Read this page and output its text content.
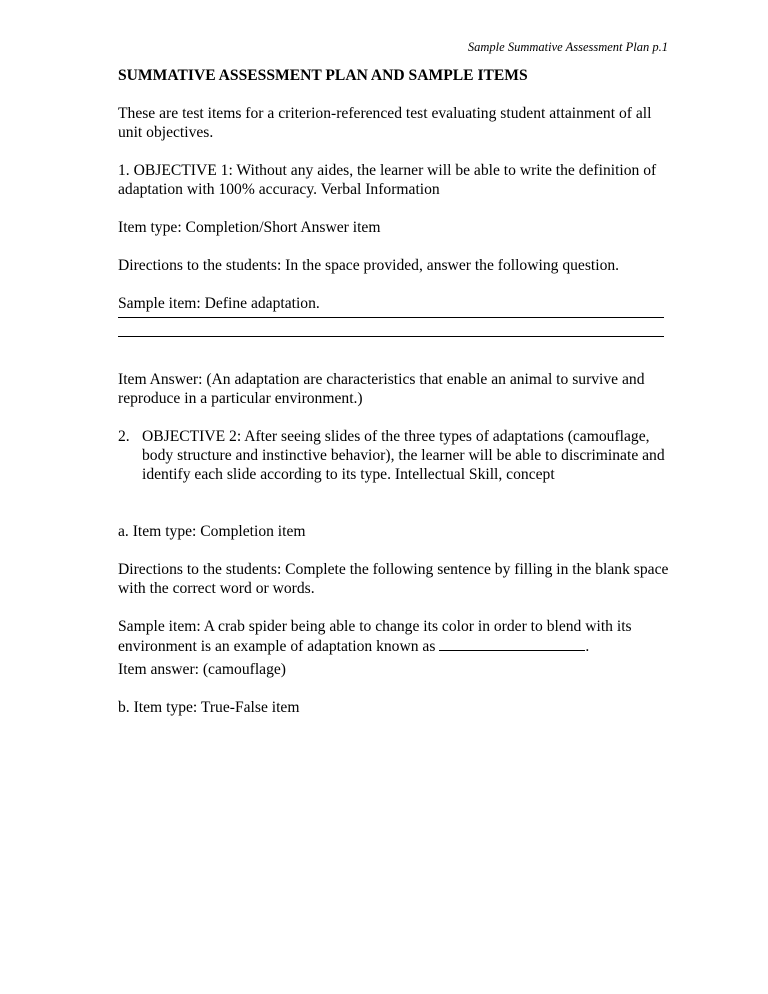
Sample Summative Assessment Plan p.1
SUMMATIVE ASSESSMENT PLAN AND SAMPLE ITEMS

These are test items for a criterion-referenced test evaluating student attainment of all unit objectives.

1. OBJECTIVE 1: Without any aides, the learner will be able to write the definition of adaptation with 100% accuracy. Verbal Information

Item type: Completion/Short Answer item

Directions to the students: In the space provided, answer the following question.

Sample item: Define adaptation.

Item Answer: (An adaptation are characteristics that enable an animal to survive and reproduce in a particular environment.)

2. OBJECTIVE 2: After seeing slides of the three types of adaptations (camouflage, body structure and instinctive behavior), the learner will be able to discriminate and identify each slide according to its type. Intellectual Skill, concept

a. Item type: Completion item

Directions to the students: Complete the following sentence by filling in the blank space with the correct word or words.

Sample item: A crab spider being able to change its color in order to blend with its environment is an example of adaptation known as	.

Item answer: (camouflage)

b. Item type: True-False item
